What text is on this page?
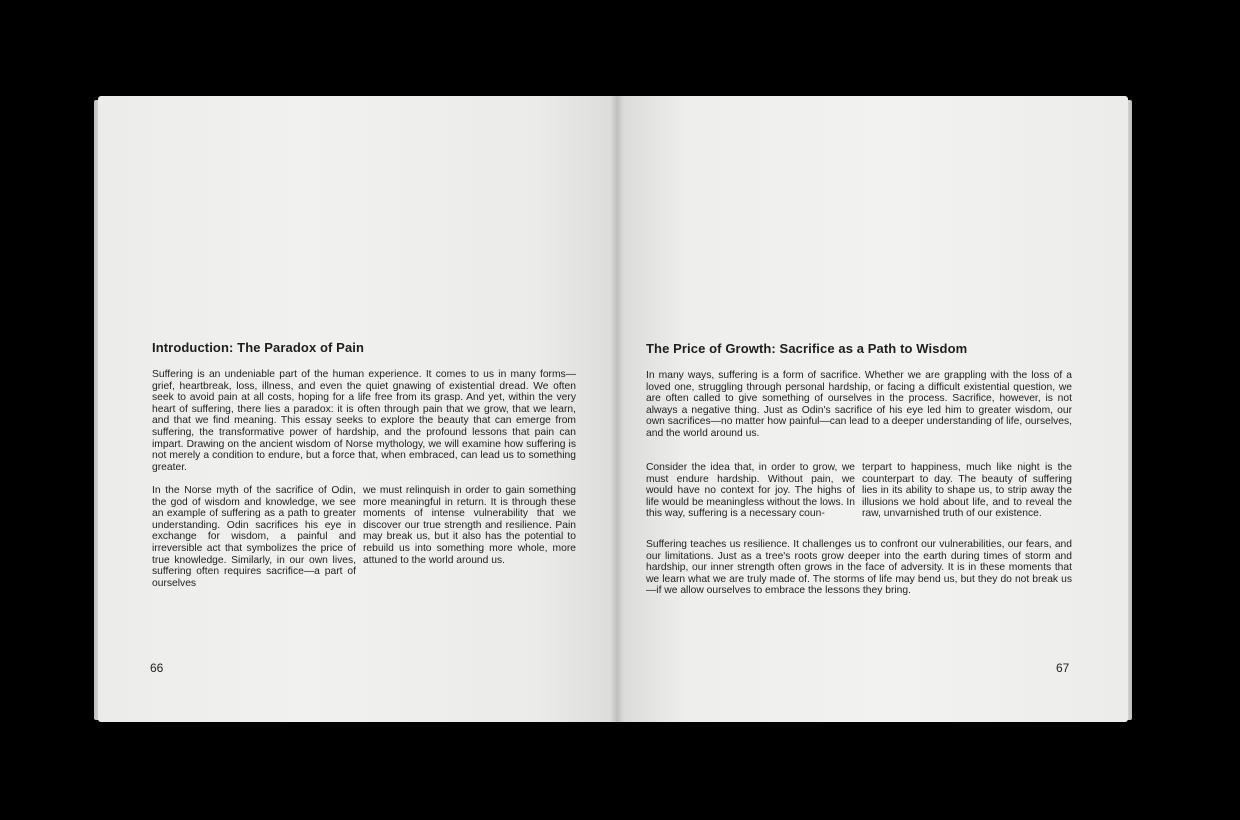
Introduction: The Paradox of Pain

Suffering is an undeniable part of the human experience. It comes to us in many forms—grief, heartbreak, loss, illness, and even the quiet gnawing of existential dread. We often seek to avoid pain at all costs, hoping for a life free from its grasp. And yet, within the very heart of suffering, there lies a paradox: it is often through pain that we grow, that we learn, and that we find meaning. This essay seeks to explore the beauty that can emerge from suffering, the transformative power of hardship, and the profound lessons that pain can impart. Drawing on the ancient wisdom of Norse mythology, we will examine how suffering is not merely a condition to endure, but a force that, when embraced, can lead us to something greater.

In the Norse myth of the sacrifice of Odin, the god of wisdom and knowledge, we see an example of suffering as a path to greater understanding. Odin sacrifices his eye in exchange for wisdom, a painful and irreversible act that symbolizes the price of true knowledge. Similarly, in our own lives, suffering often requires sacrifice—a part of ourselves

we must relinquish in order to gain something more meaningful in return. It is through these moments of intense vulnerability that we discover our true strength and resilience. Pain may break us, but it also has the potential to rebuild us into something more whole, more attuned to the world around us.

66
The Price of Growth: Sacrifice as a Path to Wisdom

In many ways, suffering is a form of sacrifice. Whether we are grappling with the loss of a loved one, struggling through personal hardship, or facing a difficult existential question, we are often called to give something of ourselves in the process. Sacrifice, however, is not always a negative thing. Just as Odin's sacrifice of his eye led him to greater wisdom, our own sacrifices—no matter how painful—can lead to a deeper understanding of life, ourselves, and the world around us.

Consider the idea that, in order to grow, we must endure hardship. Without pain, we would have no context for joy. The highs of life would be meaningless without the lows. In this way, suffering is a necessary coun-

terpart to happiness, much like night is the counterpart to day. The beauty of suffering lies in its ability to shape us, to strip away the illusions we hold about life, and to reveal the raw, unvarnished truth of our existence.

Suffering teaches us resilience. It challenges us to confront our vulnerabilities, our fears, and our limitations. Just as a tree's roots grow deeper into the earth during times of storm and hardship, our inner strength often grows in the face of adversity. It is in these moments that we learn what we are truly made of. The storms of life may bend us, but they do not break us—if we allow ourselves to embrace the lessons they bring.

67
